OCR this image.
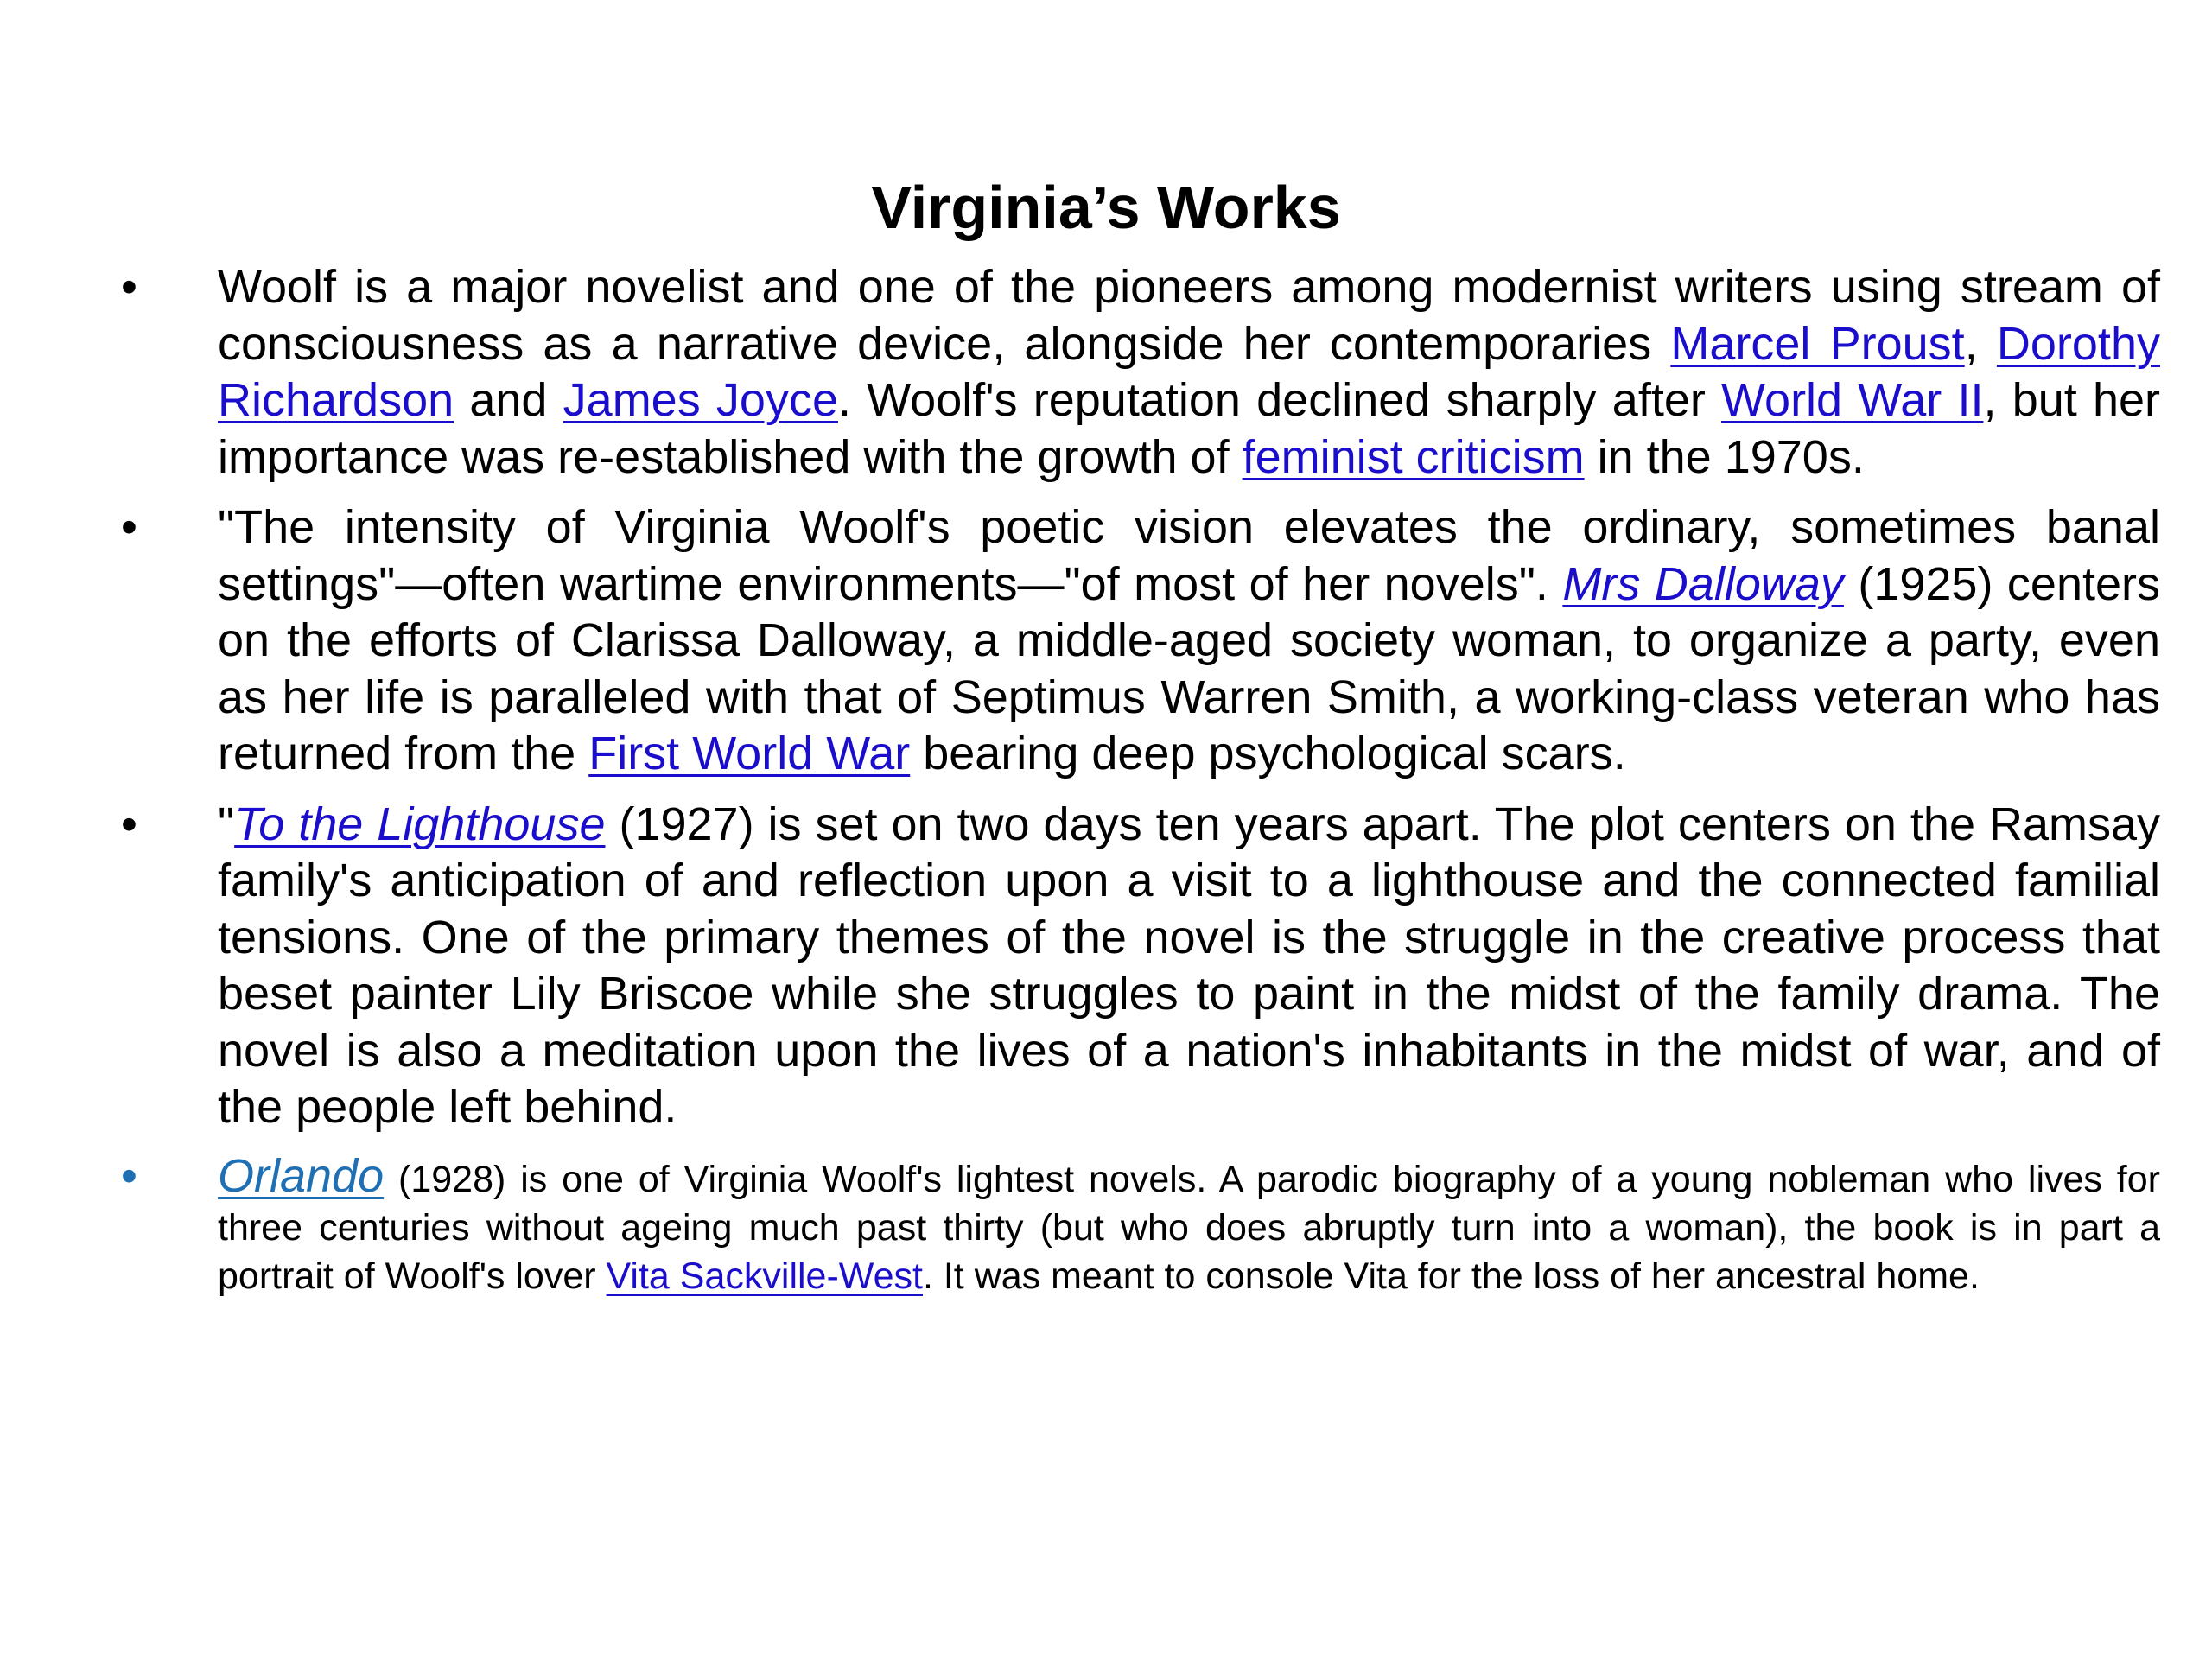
Virginia’s Works
•	Woolf is a major novelist and one of the pioneers among modernist writers using stream of consciousness as a narrative device, alongside her contemporaries Marcel Proust, Dorothy Richardson and James Joyce. Woolf's reputation declined sharply after World War II, but her importance was re-established with the growth of feminist criticism in the 1970s.
•	"The intensity of Virginia Woolf's poetic vision elevates the ordinary, sometimes banal settings"—often wartime environments—"of most of her novels". Mrs Dalloway (1925) centers on the efforts of Clarissa Dalloway, a middle-aged society woman, to organize a party, even as her life is paralleled with that of Septimus Warren Smith, a working-class veteran who has returned from the First World War bearing deep psychological scars.
•	"To the Lighthouse (1927) is set on two days ten years apart. The plot centers on the Ramsay family's anticipation of and reflection upon a visit to a lighthouse and the connected familial tensions. One of the primary themes of the novel is the struggle in the creative process that beset painter Lily Briscoe while she struggles to paint in the midst of the family drama. The novel is also a meditation upon the lives of a nation's inhabitants in the midst of war, and of the people left behind.
•	Orlando (1928) is one of Virginia Woolf's lightest novels. A parodic biography of a young nobleman who lives for three centuries without ageing much past thirty (but who does abruptly turn into a woman), the book is in part a portrait of Woolf's lover Vita Sackville-West. It was meant to console Vita for the loss of her ancestral home.
